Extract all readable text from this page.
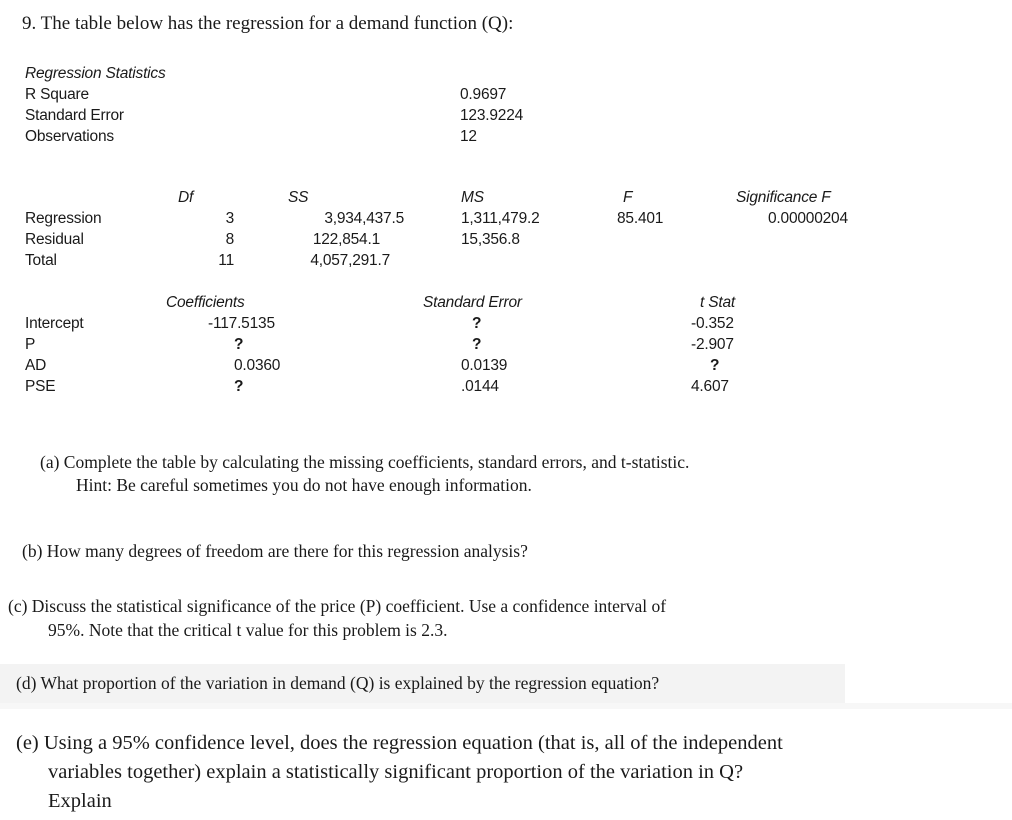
9. The table below has the regression for a demand function (Q):
Regression Statistics
R Square	0.9697
Standard Error	123.9224
Observations	12
Df	SS	MS	F	Significance F
Regression	3	3,934,437.5	1,311,479.2	85.401	0.00000204
Residual	8	122,854.1	15,356.8
Total	11	4,057,291.7
Coefficients	Standard Error	t Stat
Intercept	-117.5135	?	-0.352
P	?	?	-2.907
AD	0.0360	0.0139	?
PSE	?	.0144	4.607
(a) Complete the table by calculating the missing coefficients, standard errors, and t-statistic.
Hint: Be careful sometimes you do not have enough information.
(b) How many degrees of freedom are there for this regression analysis?
(c) Discuss the statistical significance of the price (P) coefficient. Use a confidence interval of
95%. Note that the critical t value for this problem is 2.3.
(d) What proportion of the variation in demand (Q) is explained by the regression equation?
(e) Using a 95% confidence level, does the regression equation (that is, all of the independent
variables together) explain a statistically significant proportion of the variation in Q?
Explain
